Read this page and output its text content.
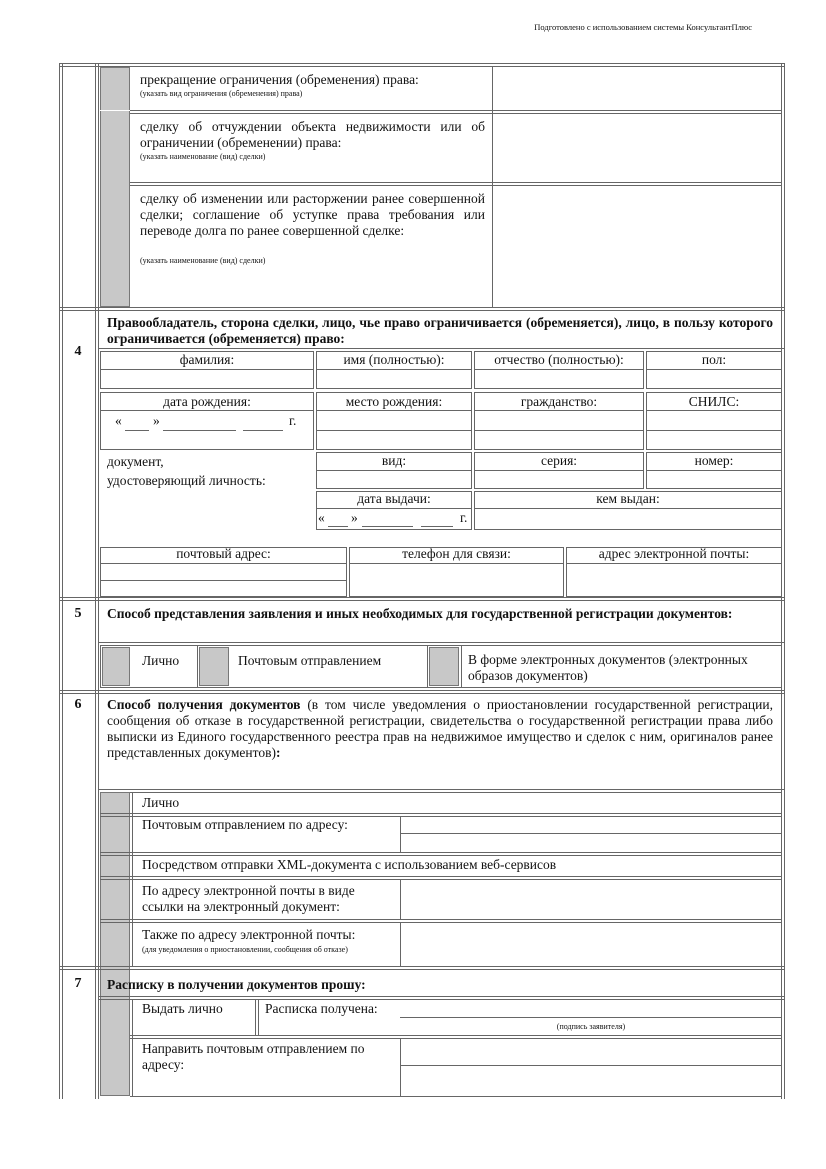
Подготовлено с использованием системы КонсультантПлюс
прекращение ограничения (обременения) права:
(указать вид ограничения (обременения) права)
сделку об отчуждении объекта недвижимости или об ограничении (обременении) права:
(указать наименование (вид) сделки)
сделку об изменении или расторжении ранее совершенной сделки; соглашение об уступке права требования или переводе долга по ранее совершенной сделке:
(указать наименование (вид) сделки)
4
Правообладатель, сторона сделки, лицо, чье право ограничивается (обременяется), лицо, в пользу которого ограничивается (обременяется) право:
фамилия:	имя (полностью):	отчество (полностью):	пол:
дата рождения:
« »	г.
место рождения:	гражданство:	СНИЛС:
документ,
удостоверяющий личность:
вид:	серия:	номер:
дата выдачи:
« »	г.
кем выдан:
почтовый адрес:	телефон для связи:	адрес электронной почты:
5	Способ представления заявления и иных необходимых для государственной регистрации документов:
Лично	Почтовым отправлением	В форме электронных документов (электронных образов документов)
6	Способ получения документов (в том числе уведомления о приостановлении государственной регистрации, сообщения об отказе в государственной регистрации, свидетельства о государственной регистрации права либо выписки из Единого государственного реестра прав на недвижимое имущество и сделок с ним, оригиналов ранее представленных документов):
Лично
Почтовым отправлением по адресу:
Посредством отправки XML-документа с использованием веб-сервисов
По адресу электронной почты в виде ссылки на электронный документ:
Также по адресу электронной почты:
(для уведомления о приостановлении, сообщения об отказе)
7	Расписку в получении документов прошу:
Выдать лично	Расписка получена:
(подпись заявителя)
Направить почтовым отправлением по адресу:
